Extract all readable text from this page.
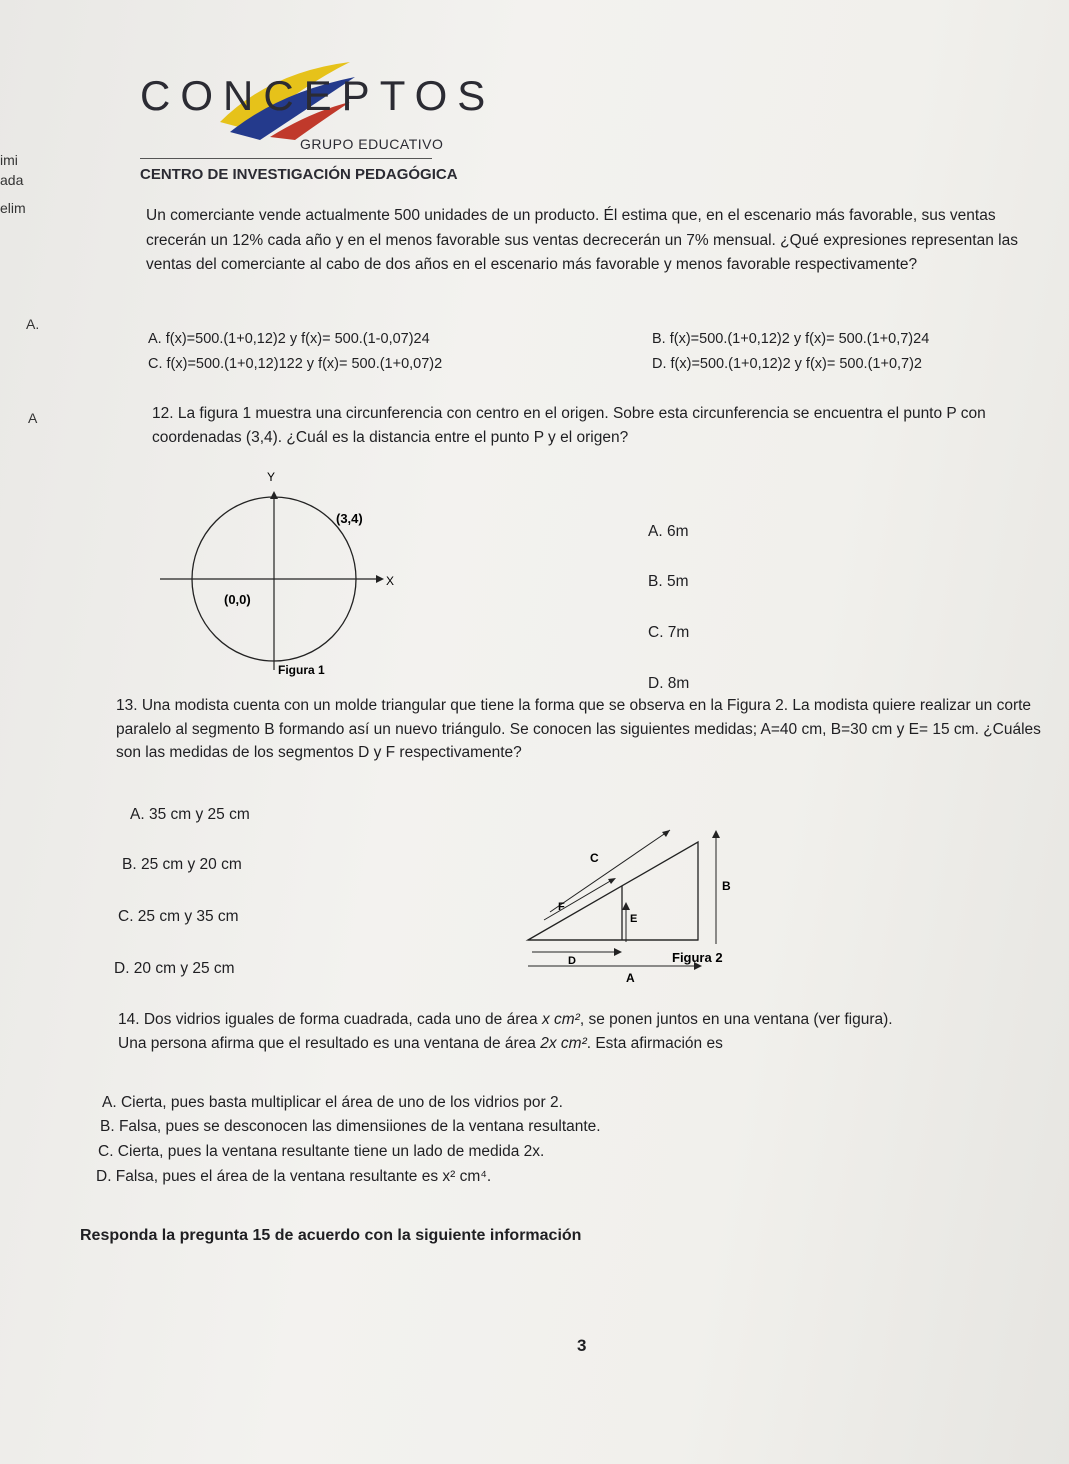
CONCEPTOS
GRUPO EDUCATIVO
CENTRO DE INVESTIGACIÓN PEDAGÓGICA
imi
ada
elim
A.
A

Un comerciante vende actualmente 500 unidades de un producto. Él estima que, en el escenario más favorable, sus ventas crecerán un 12% cada año y en el menos favorable sus ventas decrecerán un 7% mensual. ¿Qué expresiones representan las ventas del comerciante al cabo de dos años en el escenario más favorable y menos favorable respectivamente?

A. f(x)=500.(1+0,12)2 y f(x)= 500.(1-0,07)24	B. f(x)=500.(1+0,12)2 y f(x)= 500.(1+0,7)24
C. f(x)=500.(1+0,12)122 y f(x)= 500.(1+0,07)2	D. f(x)=500.(1+0,12)2 y f(x)= 500.(1+0,7)2

12. La figura 1 muestra una circunferencia con centro en el origen. Sobre esta circunferencia se encuentra el punto P con coordenadas (3,4). ¿Cuál es la distancia entre el punto P y el origen?

Y
X
(3,4)
(0,0)
Figura 1
A. 6m
B. 5m
C. 7m
D. 8m

13. Una modista cuenta con un molde triangular que tiene la forma que se observa en la Figura 2. La modista quiere realizar un corte paralelo al segmento B formando así un nuevo triángulo. Se conocen las siguientes medidas; A=40 cm, B=30 cm y E= 15 cm. ¿Cuáles son las medidas de los segmentos D y F respectivamente?

A. 35 cm y 25 cm
B. 25 cm y 20 cm
C. 25 cm y 35 cm
D. 20 cm y 25 cm
C
B
F
E
D
A
Figura 2

14. Dos vidrios iguales de forma cuadrada, cada uno de área x cm², se ponen juntos en una ventana (ver figura).

Una persona afirma que el resultado es una ventana de área 2x cm². Esta afirmación es

A. Cierta, pues basta multiplicar el área de uno de los vidrios por 2.
B. Falsa, pues se desconocen las dimensiiones de la ventana resultante.
C. Cierta, pues la ventana resultante tiene un lado de medida 2x.
D. Falsa, pues el área de la ventana resultante es x² cm⁴.
Responda la pregunta 15 de acuerdo con la siguiente información
3
